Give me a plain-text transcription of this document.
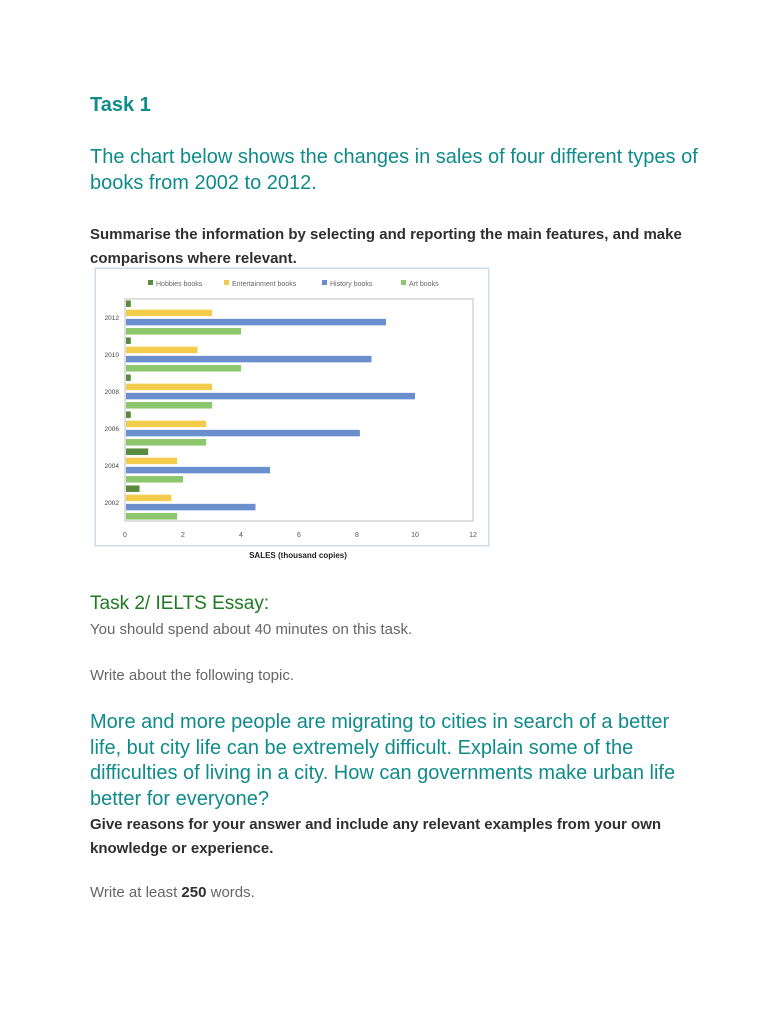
Task 1

The chart below shows the changes in sales of four different types of books from 2002 to 2012.

Summarise the information by selecting and reporting the main features, and make comparisons where relevant.

Hobbies books	Entertainment books	History books	Art books
0	2	4	6	8	10	12
2012
2010
2008
2006
2004
2002
SALES (thousand copies)
Task 2/ IELTS Essay:

You should spend about 40 minutes on this task.

Write about the following topic.

More and more people are migrating to cities in search of a better life, but city life can be extremely difficult. Explain some of the difficulties of living in a city. How can governments make urban life better for everyone?

Give reasons for your answer and include any relevant examples from your own knowledge or experience.

Write at least 250 words.
